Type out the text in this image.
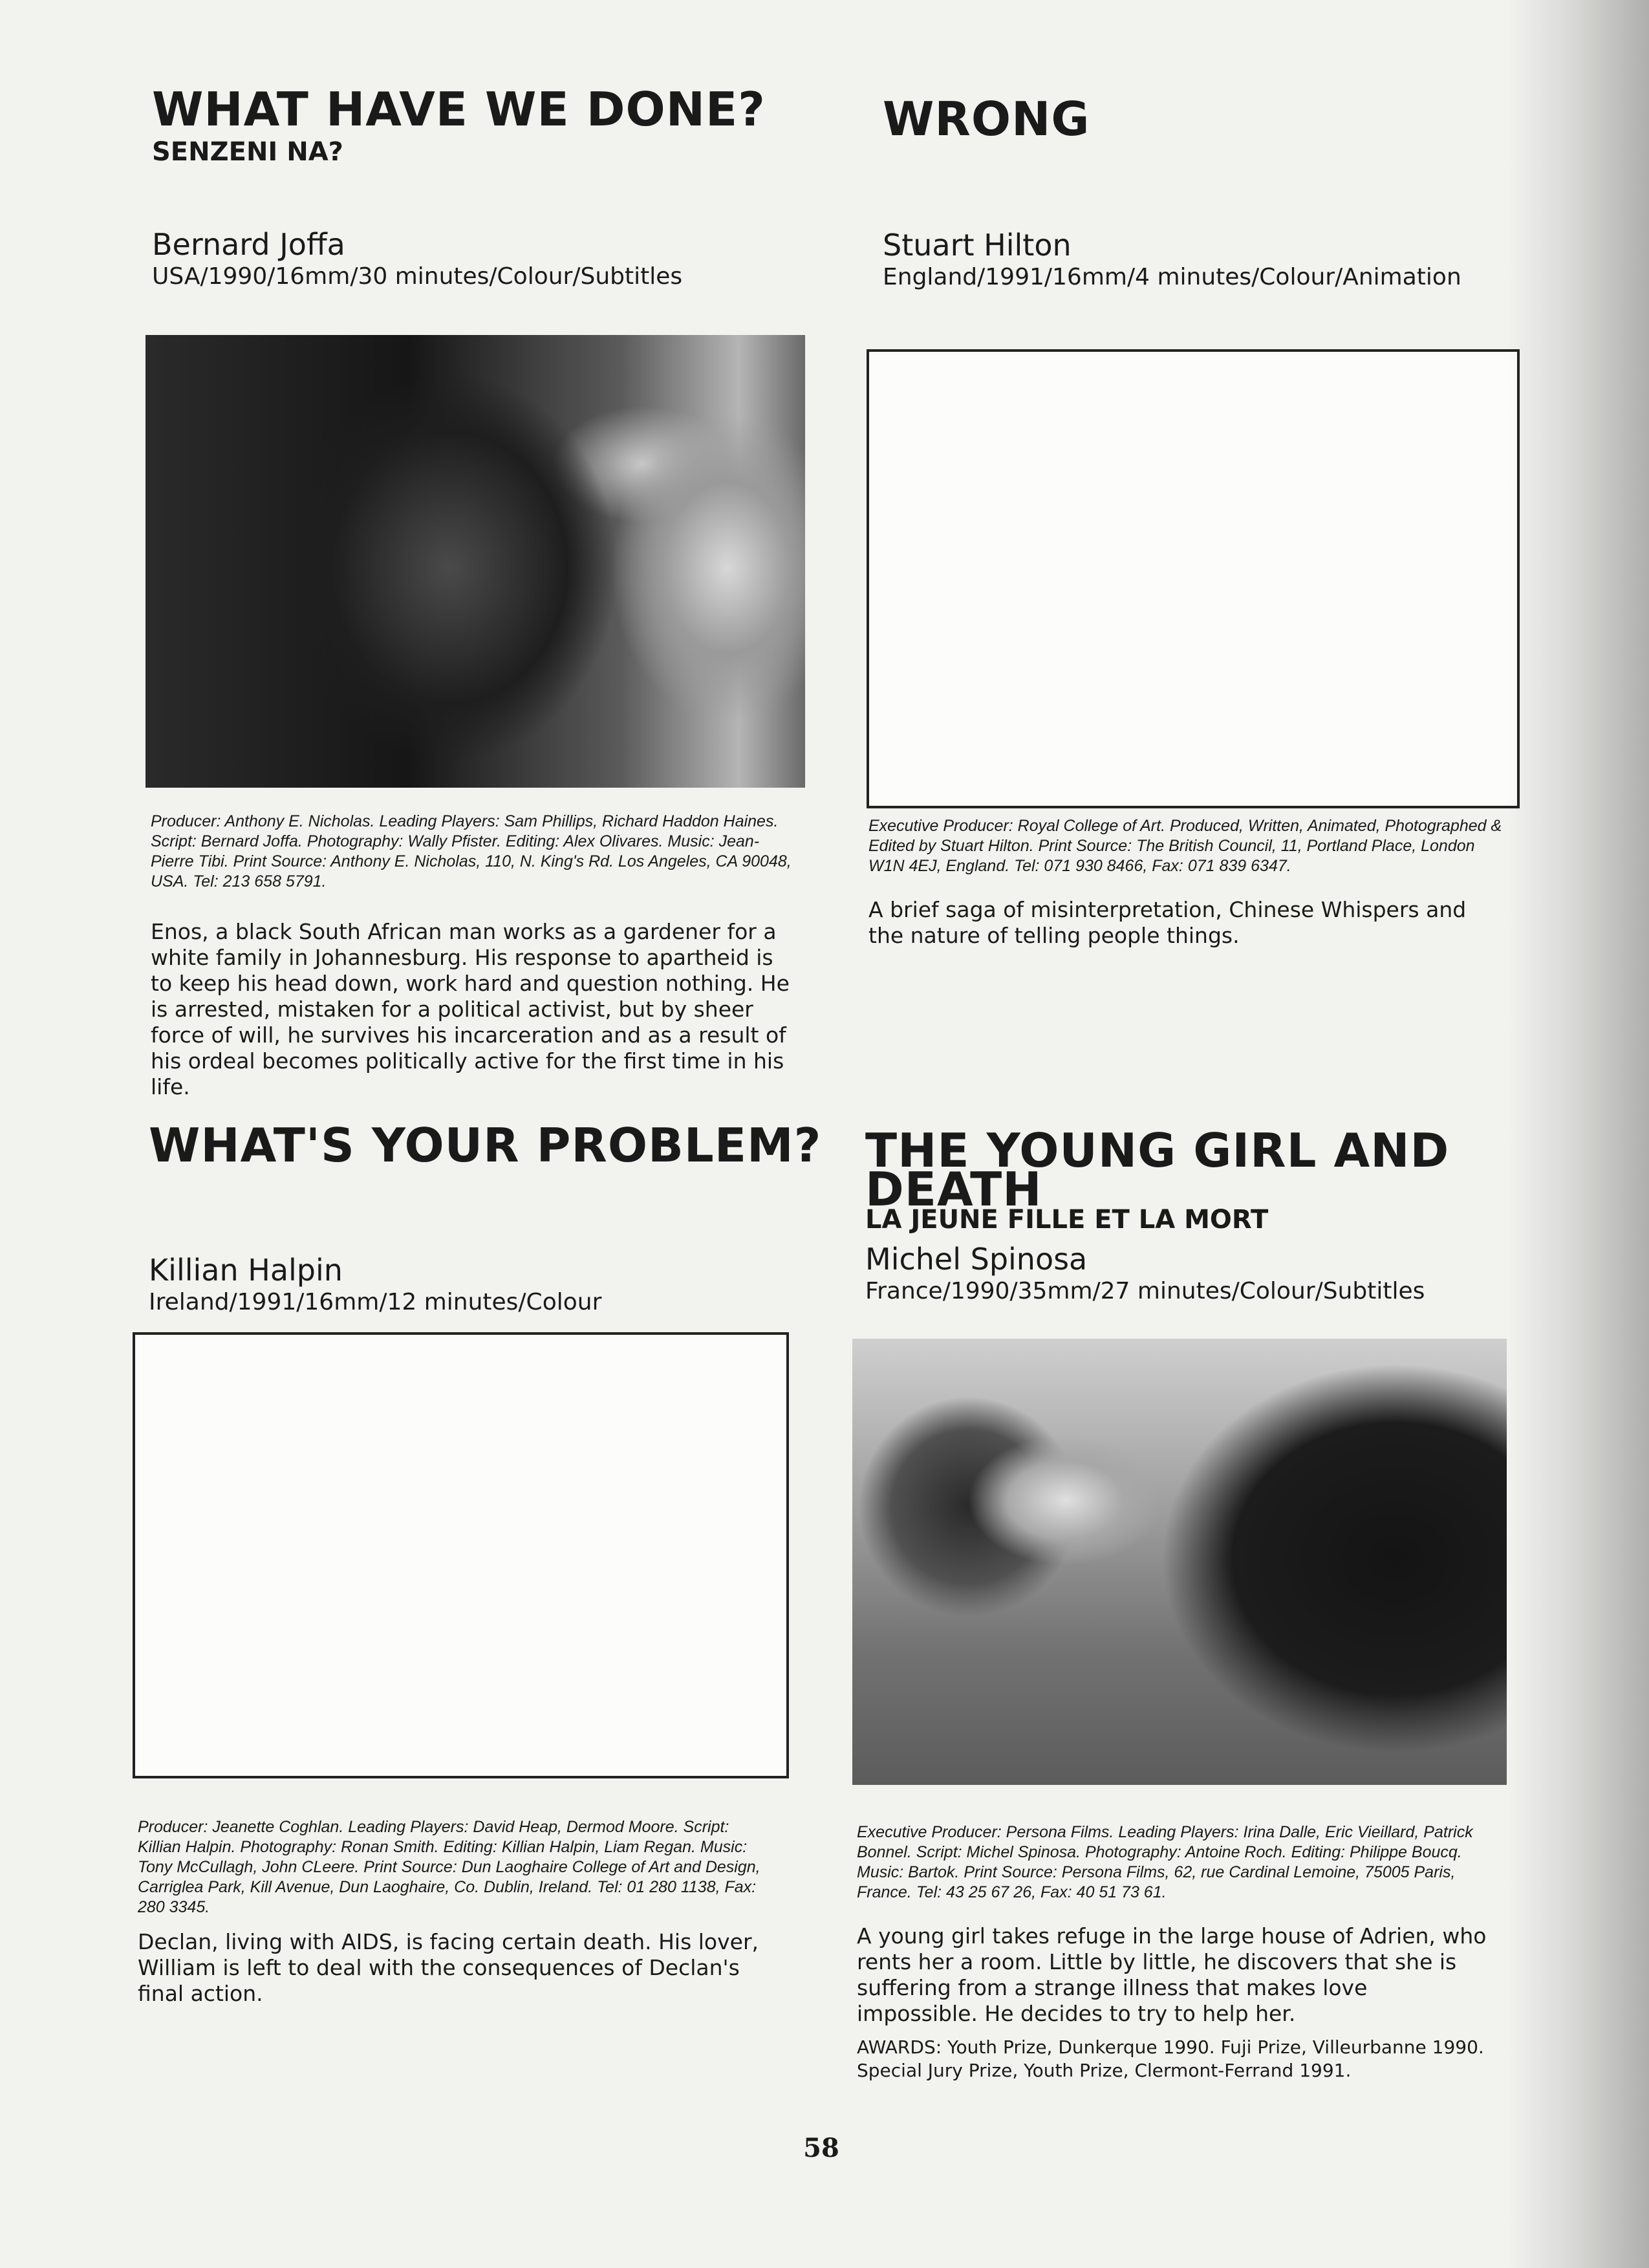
WHAT HAVE WE DONE?
SENZENI NA?

Bernard Joffa

USA/1990/16mm/30 minutes/Colour/Subtitles

Producer: Anthony E. Nicholas. Leading Players: Sam Phillips, Richard Haddon Haines. Script: Bernard Joffa. Photography: Wally Pfister. Editing: Alex Olivares. Music: Jean-Pierre Tibi. Print Source: Anthony E. Nicholas, 110, N. King's Rd. Los Angeles, CA 90048, USA. Tel: 213 658 5791.

Enos, a black South African man works as a gardener for a white family in Johannesburg. His response to apartheid is to keep his head down, work hard and question nothing. He is arrested, mistaken for a political activist, but by sheer force of will, he survives his incarceration and as a result of his ordeal becomes politically active for the first time in his life.

WRONG

Stuart Hilton

England/1991/16mm/4 minutes/Colour/Animation

Executive Producer: Royal College of Art. Produced, Written, Animated, Photographed & Edited by Stuart Hilton. Print Source: The British Council, 11, Portland Place, London W1N 4EJ, England. Tel: 071 930 8466, Fax: 071 839 6347.

A brief saga of misinterpretation, Chinese Whispers and the nature of telling people things.

WHAT'S YOUR PROBLEM?

Killian Halpin

Ireland/1991/16mm/12 minutes/Colour

Producer: Jeanette Coghlan. Leading Players: David Heap, Dermod Moore. Script: Killian Halpin. Photography: Ronan Smith. Editing: Killian Halpin, Liam Regan. Music: Tony McCullagh, John CLeere. Print Source: Dun Laoghaire College of Art and Design, Carriglea Park, Kill Avenue, Dun Laoghaire, Co. Dublin, Ireland. Tel: 01 280 1138, Fax: 280 3345.

Declan, living with AIDS, is facing certain death. His lover, William is left to deal with the consequences of Declan's final action.

THE YOUNG GIRL AND
DEATH
LA JEUNE FILLE ET LA MORT

Michel Spinosa

France/1990/35mm/27 minutes/Colour/Subtitles

Executive Producer: Persona Films. Leading Players: Irina Dalle, Eric Vieillard, Patrick Bonnel. Script: Michel Spinosa. Photography: Antoine Roch. Editing: Philippe Boucq. Music: Bartok. Print Source: Persona Films, 62, rue Cardinal Lemoine, 75005 Paris, France. Tel: 43 25 67 26, Fax: 40 51 73 61.

A young girl takes refuge in the large house of Adrien, who rents her a room. Little by little, he discovers that she is suffering from a strange illness that makes love impossible. He decides to try to help her.

AWARDS: Youth Prize, Dunkerque 1990. Fuji Prize, Villeurbanne 1990. Special Jury Prize, Youth Prize, Clermont-Ferrand 1991.

58
